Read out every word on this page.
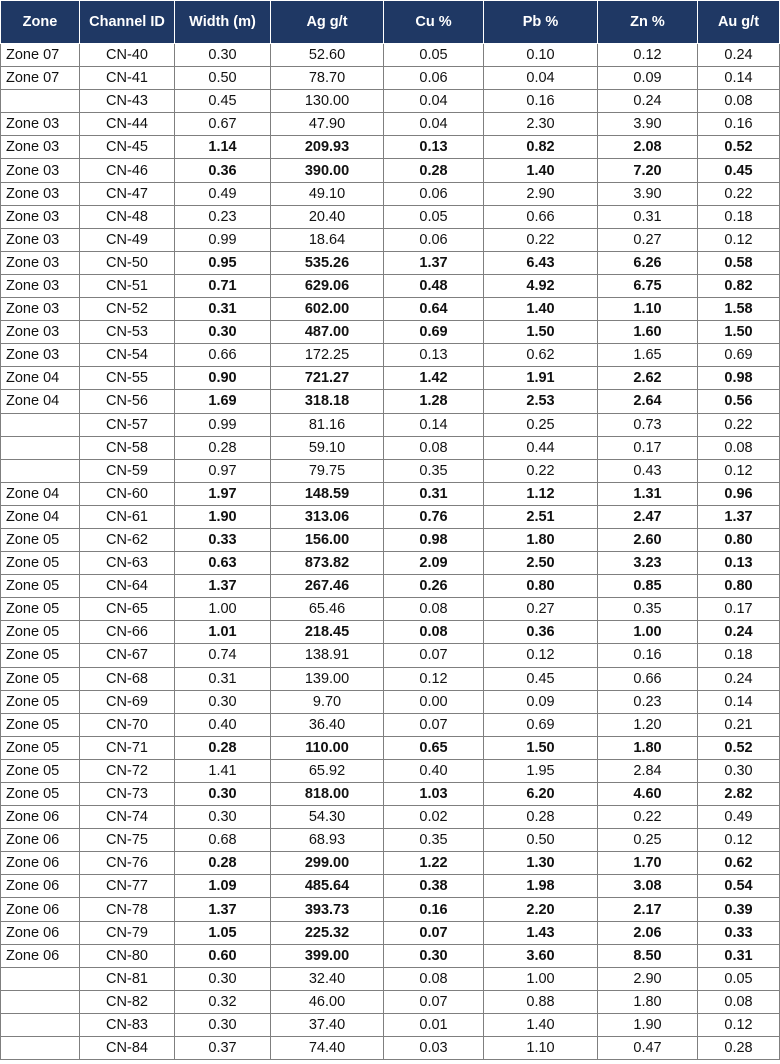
Zone	Channel ID	Width (m)	Ag g/t	Cu %	Pb %	Zn %	Au g/t
Zone 07	CN-40	0.30	52.60	0.05	0.10	0.12	0.24
Zone 07	CN-41	0.50	78.70	0.06	0.04	0.09	0.14
	CN-43	0.45	130.00	0.04	0.16	0.24	0.08
Zone 03	CN-44	0.67	47.90	0.04	2.30	3.90	0.16
Zone 03	CN-45	1.14	209.93	0.13	0.82	2.08	0.52
Zone 03	CN-46	0.36	390.00	0.28	1.40	7.20	0.45
Zone 03	CN-47	0.49	49.10	0.06	2.90	3.90	0.22
Zone 03	CN-48	0.23	20.40	0.05	0.66	0.31	0.18
Zone 03	CN-49	0.99	18.64	0.06	0.22	0.27	0.12
Zone 03	CN-50	0.95	535.26	1.37	6.43	6.26	0.58
Zone 03	CN-51	0.71	629.06	0.48	4.92	6.75	0.82
Zone 03	CN-52	0.31	602.00	0.64	1.40	1.10	1.58
Zone 03	CN-53	0.30	487.00	0.69	1.50	1.60	1.50
Zone 03	CN-54	0.66	172.25	0.13	0.62	1.65	0.69
Zone 04	CN-55	0.90	721.27	1.42	1.91	2.62	0.98
Zone 04	CN-56	1.69	318.18	1.28	2.53	2.64	0.56
	CN-57	0.99	81.16	0.14	0.25	0.73	0.22
	CN-58	0.28	59.10	0.08	0.44	0.17	0.08
	CN-59	0.97	79.75	0.35	0.22	0.43	0.12
Zone 04	CN-60	1.97	148.59	0.31	1.12	1.31	0.96
Zone 04	CN-61	1.90	313.06	0.76	2.51	2.47	1.37
Zone 05	CN-62	0.33	156.00	0.98	1.80	2.60	0.80
Zone 05	CN-63	0.63	873.82	2.09	2.50	3.23	0.13
Zone 05	CN-64	1.37	267.46	0.26	0.80	0.85	0.80
Zone 05	CN-65	1.00	65.46	0.08	0.27	0.35	0.17
Zone 05	CN-66	1.01	218.45	0.08	0.36	1.00	0.24
Zone 05	CN-67	0.74	138.91	0.07	0.12	0.16	0.18
Zone 05	CN-68	0.31	139.00	0.12	0.45	0.66	0.24
Zone 05	CN-69	0.30	9.70	0.00	0.09	0.23	0.14
Zone 05	CN-70	0.40	36.40	0.07	0.69	1.20	0.21
Zone 05	CN-71	0.28	110.00	0.65	1.50	1.80	0.52
Zone 05	CN-72	1.41	65.92	0.40	1.95	2.84	0.30
Zone 05	CN-73	0.30	818.00	1.03	6.20	4.60	2.82
Zone 06	CN-74	0.30	54.30	0.02	0.28	0.22	0.49
Zone 06	CN-75	0.68	68.93	0.35	0.50	0.25	0.12
Zone 06	CN-76	0.28	299.00	1.22	1.30	1.70	0.62
Zone 06	CN-77	1.09	485.64	0.38	1.98	3.08	0.54
Zone 06	CN-78	1.37	393.73	0.16	2.20	2.17	0.39
Zone 06	CN-79	1.05	225.32	0.07	1.43	2.06	0.33
Zone 06	CN-80	0.60	399.00	0.30	3.60	8.50	0.31
	CN-81	0.30	32.40	0.08	1.00	2.90	0.05
	CN-82	0.32	46.00	0.07	0.88	1.80	0.08
	CN-83	0.30	37.40	0.01	1.40	1.90	0.12
	CN-84	0.37	74.40	0.03	1.10	0.47	0.28
